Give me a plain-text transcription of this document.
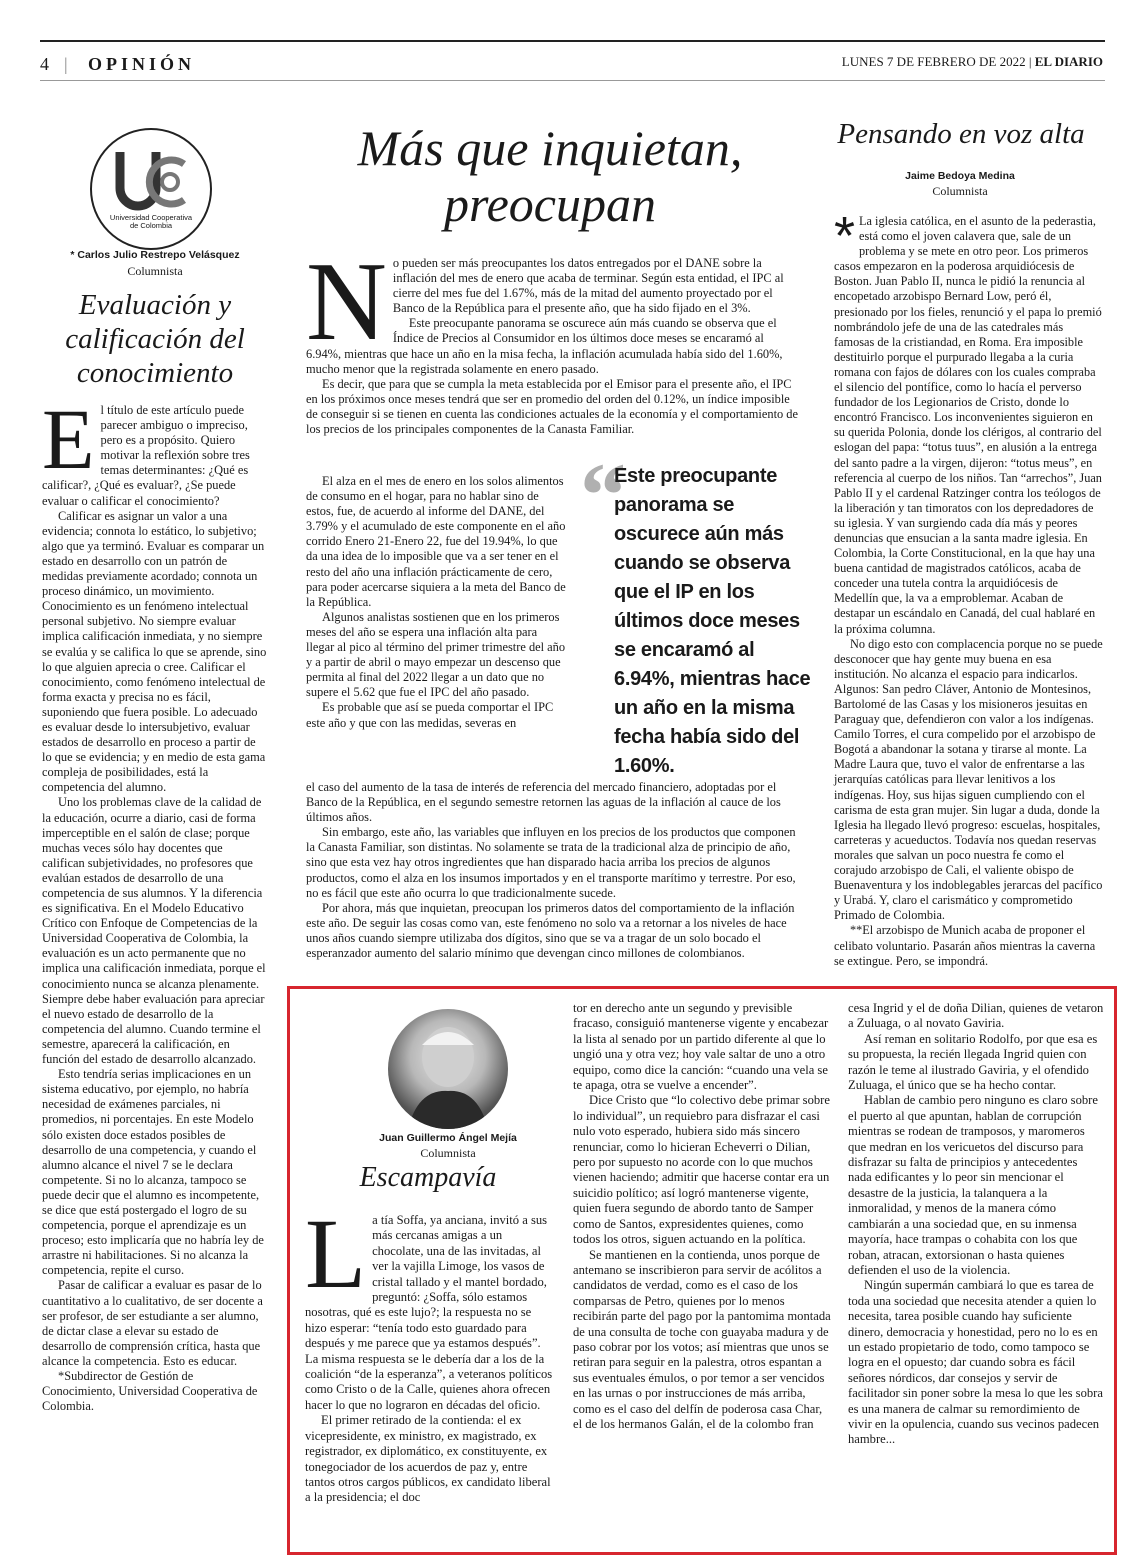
4 | OPINIÓN	LUNES 7 DE FEBRERO DE 2022 | EL DIARIO
Universidad Cooperativa
de Colombia
* Carlos Julio Restrepo Velásquez
Columnista
Evaluación y calificación del conocimiento
E l título de este artículo puede parecer ambiguo o impreciso, pero es a propósito. Quiero motivar la reflexión sobre tres temas determinantes: ¿Qué es calificar?, ¿Qué es evaluar?, ¿Se puede evaluar o calificar el conocimiento?

Calificar es asignar un valor a una evidencia; connota lo estático, lo subjetivo; algo que ya terminó. Evaluar es comparar un estado en desarrollo con un patrón de medidas previamente acordado; connota un proceso dinámico, un movimiento. Conocimiento es un fenómeno intelectual personal subjetivo. No siempre evaluar implica calificación inmediata, y no siempre se evalúa y se califica lo que se aprende, sino lo que alguien aprecia o cree. Calificar el conocimiento, como fenómeno intelectual de forma exacta y precisa no es fácil, suponiendo que fuera posible. Lo adecuado es evaluar desde lo intersubjetivo, evaluar estados de desarrollo en proceso a partir de lo que se evidencia; y en medio de esta gama compleja de posibilidades, está la competencia del alumno.

Uno los problemas clave de la calidad de la educación, ocurre a diario, casi de forma imperceptible en el salón de clase; porque muchas veces sólo hay docentes que califican subjetividades, no profesores que evalúan estados de desarrollo de una competencia de sus alumnos. Y la diferencia es significativa. En el Modelo Educativo Crítico con Enfoque de Competencias de la Universidad Cooperativa de Colombia, la evaluación es un acto permanente que no implica una calificación inmediata, porque el conocimiento nunca se alcanza plenamente. Siempre debe haber evaluación para apreciar el nuevo estado de desarrollo de la competencia del alumno. Cuando termine el semestre, aparecerá la calificación, en función del estado de desarrollo alcanzado.

Esto tendría serias implicaciones en un sistema educativo, por ejemplo, no habría necesidad de exámenes parciales, ni promedios, ni porcentajes. En este Modelo sólo existen doce estados posibles de desarrollo de una competencia, y cuando el alumno alcance el nivel 7 se le declara competente. Si no lo alcanza, tampoco se puede decir que el alumno es incompetente, se dice que está postergado el logro de su competencia, porque el aprendizaje es un proceso; esto implicaría que no habría ley de arrastre ni habilitaciones. Si no alcanza la competencia, repite el curso.

Pasar de calificar a evaluar es pasar de lo cuantitativo a lo cualitativo, de ser docente a ser profesor, de ser estudiante a ser alumno, de dictar clase a elevar su estado de desarrollo de comprensión crítica, hasta que alcance la competencia. Esto es educar.

*Subdirector de Gestión de Conocimiento, Universidad Cooperativa de Colombia.

Más que inquietan,
preocupan
N o pueden ser más preocupantes los datos entregados por el DANE sobre la inflación del mes de enero que acaba de terminar. Según esta entidad, el IPC al cierre del mes fue del 1.67%, más de la mitad del aumento proyectado por el Banco de la República para el presente año, que ha sido fijado en el 3%.

Este preocupante panorama se oscurece aún más cuando se observa que el Índice de Precios al Consumidor en los últimos doce meses se encaramó al 6.94%, mientras que hace un año en la misa fecha, la inflación acumulada había sido del 1.60%, mucho menor que la registrada solamente en enero pasado.

Es decir, que para que se cumpla la meta establecida por el Emisor para el presente año, el IPC en los próximos once meses tendrá que ser en promedio del orden del 0.12%, un índice imposible de conseguir si se tienen en cuenta las condiciones actuales de la economía y el comportamiento de los precios de los principales componentes de la Canasta Familiar.

El alza en el mes de enero en los solos alimentos de consumo en el hogar, para no hablar sino de estos, fue, de acuerdo al informe del DANE, del 3.79% y el acumulado de este componente en el año corrido Enero 21-Enero 22, fue del 19.94%, lo que da una idea de lo imposible que va a ser tener en el resto del año una inflación prácticamente de cero, para poder acercarse siquiera a la meta del Banco de la República.

Algunos analistas sostienen que en los primeros meses del año se espera una inflación alta para llegar al pico al término del primer trimestre del año y a partir de abril o mayo empezar un descenso que permita al final del 2022 llegar a un dato que no supere el 5.62 que fue el IPC del año pasado.

Es probable que así se pueda comportar el IPC este año y que con las medidas, severas en

el caso del aumento de la tasa de interés de referencia del mercado financiero, adoptadas por el Banco de la República, en el segundo semestre retornen las aguas de la inflación al cauce de los últimos años.

Sin embargo, este año, las variables que influyen en los precios de los productos que componen la Canasta Familiar, son distintas. No solamente se trata de la tradicional alza de principio de año, sino que esta vez hay otros ingredientes que han disparado hacia arriba los precios de algunos productos, como el alza en los insumos importados y en el transporte marítimo y terrestre. Por eso, no es fácil que este año ocurra lo que tradicionalmente sucede.

Por ahora, más que inquietan, preocupan los primeros datos del comportamiento de la inflación este año. De seguir las cosas como van, este fenómeno no solo va a retornar a los niveles de hace unos años cuando siempre utilizaba dos dígitos, sino que se va a tragar de un solo bocado el esperanzador aumento del salario mínimo que devengan cinco millones de colombianos.

“
Este preocupante panorama se oscurece aún más cuando se observa que el IP en los últimos doce meses se encaramó al 6.94%, mientras hace un año en la misma fecha había sido del 1.60%.
Pensando en voz alta
Jaime Bedoya Medina
Columnista
* La iglesia católica, en el asunto de la pederastia, está como el joven calavera que, sale de un problema y se mete en otro peor. Los primeros casos empezaron en la poderosa arquidiócesis de Boston. Juan Pablo II, nunca le pidió la renuncia al encopetado arzobispo Bernard Low, peró él, presionado por los fieles, renunció y el papa lo premió nombrándolo jefe de una de las catedrales más famosas de la cristiandad, en Roma. Era imposible destituirlo porque el purpurado llegaba a la curia romana con fajos de dólares con los cuales compraba el silencio del pontífice, como lo hacía el perverso fundador de los Legionarios de Cristo, donde lo encontró Francisco. Los inconvenientes siguieron en su querida Polonia, donde los clérigos, al contrario del eslogan del papa: “totus tuus”, en alusión a la entrega del santo padre a la virgen, dijeron: “totus meus”, en referencia al cuerpo de los niños. Tan “arrechos”, Juan Pablo II y el cardenal Ratzinger contra los teólogos de la liberación y tan timoratos con los depredadores de su iglesia. Y van surgiendo cada día más y peores denuncias que ensucian a la santa madre iglesia. En Colombia, la Corte Constitucional, en la que hay una buena cantidad de magistrados católicos, acaba de conceder una tutela contra la arquidiócesis de Medellín que, la va a emproblemar. Acaban de destapar un escándalo en Canadá, del cual hablaré en la próxima columna.

No digo esto con complacencia porque no se puede desconocer que hay gente muy buena en esa institución. No alcanza el espacio para indicarlos. Algunos: San pedro Cláver, Antonio de Montesinos, Bartolomé de las Casas y los misioneros jesuitas en Paraguay que, defendieron con valor a los indígenas. Camilo Torres, el cura compelido por el arzobispo de Bogotá a abandonar la sotana y tirarse al monte. La Madre Laura que, tuvo el valor de enfrentarse a las jerarquías católicas para llevar lenitivos a los indígenas. Hoy, sus hijas siguen cumpliendo con el carisma de esta gran mujer. Sin lugar a duda, donde la Iglesia ha llegado llevó progreso: escuelas, hospitales, carreteras y acueductos. Todavía nos quedan reservas morales que salvan un poco nuestra fe como el corajudo arzobispo de Cali, el valiente obispo de Buenaventura y los indoblegables jerarcas del pacífico y Urabá. Y, claro el carismático y comprometido Primado de Colombia.

**El arzobispo de Munich acaba de proponer el celibato voluntario. Pasarán años mientras la caverna se extingue. Pero, se impondrá.

Juan Guillermo Ángel Mejía
Columnista
Escampavía
L a tía Soffa, ya anciana, invitó a sus más cercanas amigas a un chocolate, una de las invitadas, al ver la vajilla Limoge, los vasos de cristal tallado y el mantel bordado, preguntó: ¿Soffa, sólo estamos nosotras, qué es este lujo?; la respuesta no se hizo esperar: “tenía todo esto guardado para después y me parece que ya estamos después”. La misma respuesta se le debería dar a los de la coalición “de la esperanza”, a veteranos políticos como Cristo o de la Calle, quienes ahora ofrecen hacer lo que no lograron en décadas del oficio.

El primer retirado de la contienda: el ex vicepresidente, ex ministro, ex magistrado, ex registrador, ex diplomático, ex constituyente, ex tonegociador de los acuerdos de paz y, entre tantos otros cargos públicos, ex candidato liberal a la presidencia; el doc

tor en derecho ante un segundo y previsible fracaso, consiguió mantenerse vigente y encabezar la lista al senado por un partido diferente al que lo ungió una y otra vez; hoy vale saltar de uno a otro equipo, como dice la canción: “cuando una vela se te apaga, otra se vuelve a encender”.

Dice Cristo que “lo colectivo debe primar sobre lo individual”, un requiebro para disfrazar el casi nulo voto esperado, hubiera sido más sincero renunciar, como lo hicieran Echeverri o Dilian, pero por supuesto no acorde con lo que muchos vienen haciendo; admitir que hacerse contar era un suicidio político; así logró mantenerse vigente, quien fuera segundo de abordo tanto de Samper como de Santos, expresidentes quienes, como todos los otros, siguen actuando en la política.

Se mantienen en la contienda, unos porque de antemano se inscribieron para servir de acólitos a candidatos de verdad, como es el caso de los comparsas de Petro, quienes por lo menos recibirán parte del pago por la pantomima montada de una consulta de toche con guayaba madura y de paso cobrar por los votos; así mientras que unos se retiran para seguir en la palestra, otros espantan a sus eventuales émulos, o por temor a ser vencidos en las urnas o por instrucciones de más arriba, como es el caso del delfín de poderosa casa Char, el de los hermanos Galán, el de la colombo fran

cesa Ingrid y el de doña Dilian, quienes de vetaron a Zuluaga, o al novato Gaviria.

Así reman en solitario Rodolfo, por que esa es su propuesta, la recién llegada Ingrid quien con razón le teme al ilustrado Gaviria, y el ofendido Zuluaga, el único que se ha hecho contar.

Hablan de cambio pero ninguno es claro sobre el puerto al que apuntan, hablan de corrupción mientras se rodean de tramposos, y maromeros que medran en los vericuetos del discurso para disfrazar su falta de principios y antecedentes nada edificantes y lo peor sin mencionar el desastre de la justicia, la talanquera a la inmoralidad, y menos de la manera cómo cambiarán a una sociedad que, en su inmensa mayoría, hace trampas o cohabita con los que roban, atracan, extorsionan o hasta quienes defienden el uso de la violencia.

Ningún supermán cambiará lo que es tarea de toda una sociedad que necesita atender a quien lo necesita, tarea posible cuando hay suficiente dinero, democracia y honestidad, pero no lo es en un estado propietario de todo, como tampoco se logra en el opuesto; dar cuando sobra es fácil señores nórdicos, dar consejos y servir de facilitador sin poner sobre la mesa lo que les sobra es una manera de calmar su remordimiento de vivir en la opulencia, cuando sus vecinos padecen hambre...
